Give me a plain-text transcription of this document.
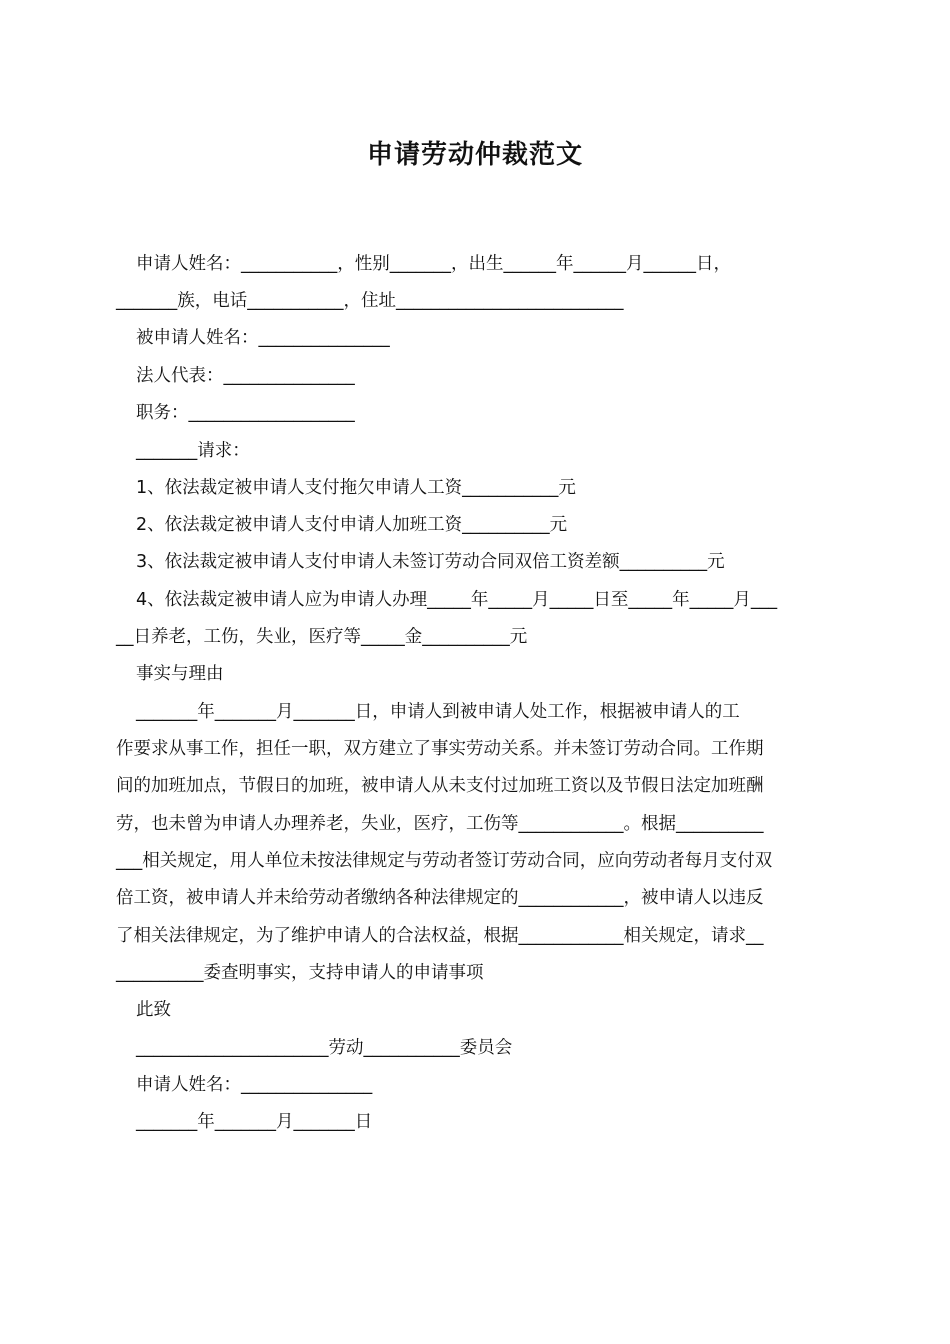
申请劳动仲裁范文
申请人姓名：___________，性别_______，出生______年______月______日，
_______族，电话___________，住址__________________________
被申请人姓名：_______________
法人代表：_______________
职务：___________________
_______请求：
1、依法裁定被申请人支付拖欠申请人工资___________元
2、依法裁定被申请人支付申请人加班工资__________元
3、依法裁定被申请人支付申请人未签订劳动合同双倍工资差额__________元
4、依法裁定被申请人应为申请人办理_____年_____月_____日至_____年_____月___
__日养老，工伤，失业，医疗等_____金__________元
事实与理由
_______年_______月_______日，申请人到被申请人处工作，根据被申请人的工
作要求从事工作，担任一职，双方建立了事实劳动关系。并未签订劳动合同。工作期
间的加班加点，节假日的加班，被申请人从未支付过加班工资以及节假日法定加班酬
劳，也未曾为申请人办理养老，失业，医疗，工伤等____________。根据__________
___相关规定，用人单位未按法律规定与劳动者签订劳动合同，应向劳动者每月支付双
倍工资，被申请人并未给劳动者缴纳各种法律规定的____________，被申请人以违反
了相关法律规定，为了维护申请人的合法权益，根据____________相关规定，请求__
__________委查明事实，支持申请人的申请事项
此致
______________________劳动___________委员会
申请人姓名：_______________
_______年_______月_______日
